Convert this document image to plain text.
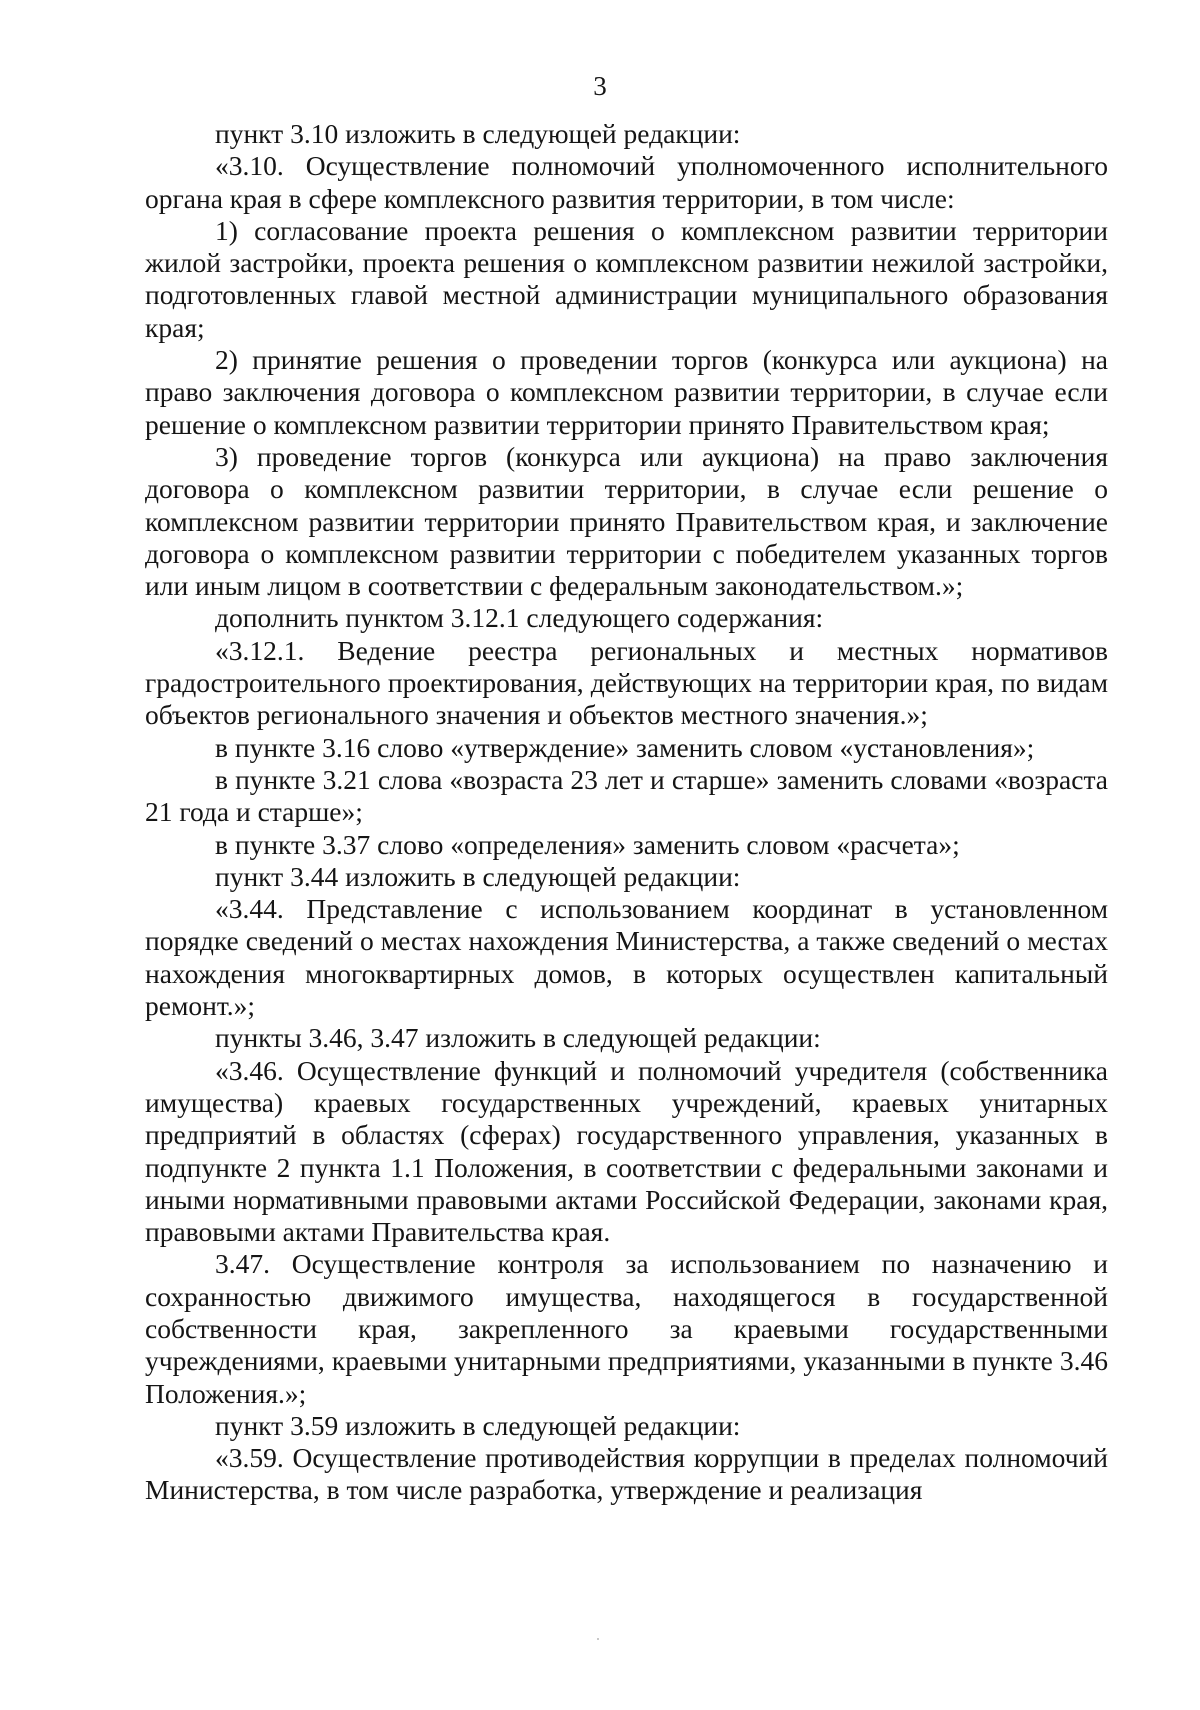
3

пункт 3.10 изложить в следующей редакции:

«3.10. Осуществление полномочий уполномоченного исполнительного органа края в сфере комплексного развития территории, в том числе:

1) согласование проекта решения о комплексном развитии территории жилой застройки, проекта решения о комплексном развитии нежилой застройки, подготовленных главой местной администрации муниципального образования края;

2) принятие решения о проведении торгов (конкурса или аукциона) на право заключения договора о комплексном развитии территории, в случае если решение о комплексном развитии территории принято Правительством края;

3) проведение торгов (конкурса или аукциона) на право заключения договора о комплексном развитии территории, в случае если решение о комплексном развитии территории принято Правительством края, и заключение договора о комплексном развитии территории с победителем указанных торгов или иным лицом в соответствии с федеральным законодательством.»;

дополнить пунктом 3.12.1 следующего содержания:

«3.12.1. Ведение реестра региональных и местных нормативов градостроительного проектирования, действующих на территории края, по видам объектов регионального значения и объектов местного значения.»;

в пункте 3.16 слово «утверждение» заменить словом «установления»;

в пункте 3.21 слова «возраста 23 лет и старше» заменить словами «возраста 21 года и старше»;

в пункте 3.37 слово «определения» заменить словом «расчета»;

пункт 3.44 изложить в следующей редакции:

«3.44. Представление с использованием координат в установленном порядке сведений о местах нахождения Министерства, а также сведений о местах нахождения многоквартирных домов, в которых осуществлен капитальный ремонт.»;

пункты 3.46, 3.47 изложить в следующей редакции:

«3.46. Осуществление функций и полномочий учредителя (собственника имущества) краевых государственных учреждений, краевых унитарных предприятий в областях (сферах) государственного управления, указанных в подпункте 2 пункта 1.1 Положения, в соответствии с федеральными законами и иными нормативными правовыми актами Российской Федерации, законами края, правовыми актами Правительства края.

3.47. Осуществление контроля за использованием по назначению и сохранностью движимого имущества, находящегося в государственной собственности края, закрепленного за краевыми государственными учреждениями, краевыми унитарными предприятиями, указанными в пункте 3.46 Положения.»;

пункт 3.59 изложить в следующей редакции:

«3.59. Осуществление противодействия коррупции в пределах полномочий Министерства, в том числе разработка, утверждение и реализация
